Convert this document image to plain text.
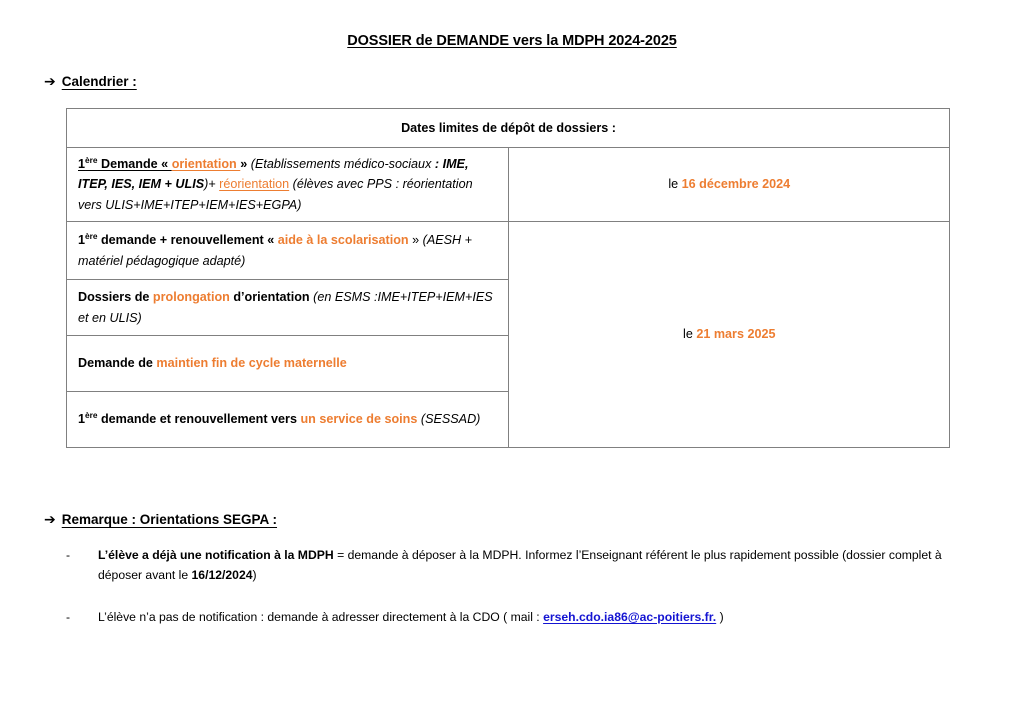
DOSSIER de DEMANDE vers la MDPH 2024-2025
➔ Calendrier :
Dates limites de dépôt de dossiers :	
1ère Demande « orientation » (Etablissements médico-sociaux : IME, ITEP, IES, IEM + ULIS)+ réorientation (élèves avec PPS : réorientation vers ULIS+IME+ITEP+IEM+IES+EGPA)	le 16 décembre 2024
1ère demande + renouvellement « aide à la scolarisation » (AESH + matériel pédagogique adapté)	le 21 mars 2025
Dossiers de prolongation d’orientation (en ESMS :IME+ITEP+IEM+IES et en ULIS)	
Demande de maintien fin de cycle maternelle	
1ère demande et renouvellement vers un service de soins (SESSAD)	
➔ Remarque : Orientations SEGPA :
-	L’élève a déjà une notification à la MDPH = demande à déposer à la MDPH. Informez l’Enseignant référent le plus rapidement possible (dossier complet à déposer avant le 16/12/2024)
-	L’élève n’a pas de notification : demande à adresser directement à la CDO ( mail : erseh.cdo.ia86@ac-poitiers.fr. )
